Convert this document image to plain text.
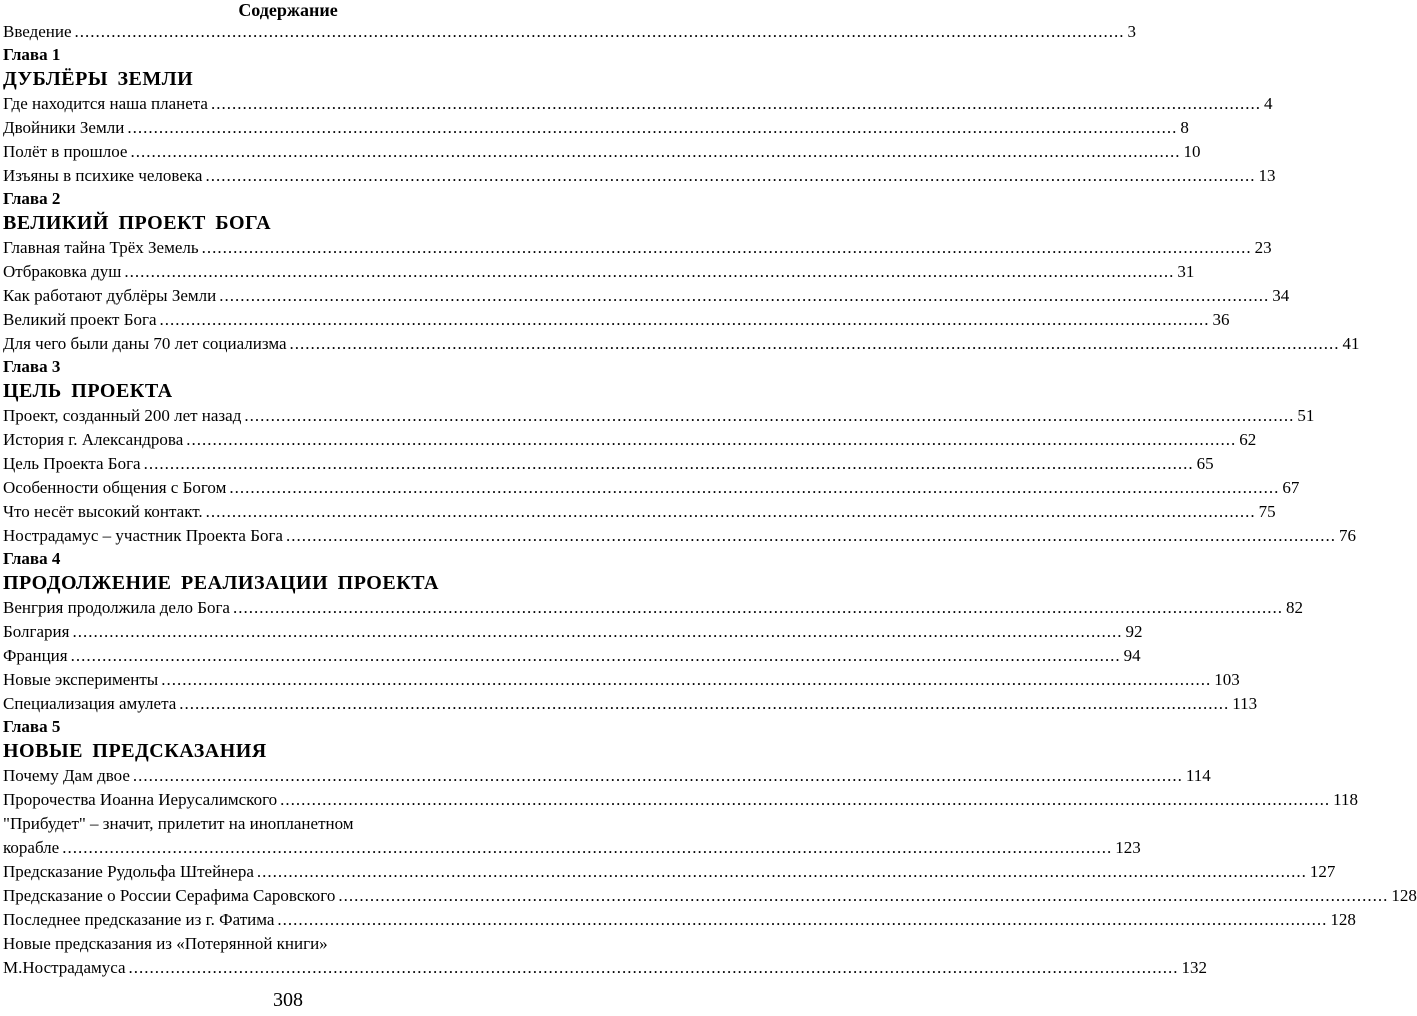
Содержание
Введение ........................................................................................................................................................................................................ 3
Глава 1
ДУБЛЁРЫ ЗЕМЛИ
Где находится наша планета ........................................................................................................................................................................................................ 4
Двойники Земли ........................................................................................................................................................................................................ 8
Полёт в прошлое ........................................................................................................................................................................................................ 10
Изъяны в психике человека ........................................................................................................................................................................................................ 13
Глава 2
ВЕЛИКИЙ ПРОЕКТ БОГА
Главная тайна Трёх Земель ........................................................................................................................................................................................................ 23
Отбраковка душ ........................................................................................................................................................................................................ 31
Как работают дублёры Земли ........................................................................................................................................................................................................ 34
Великий проект Бога ........................................................................................................................................................................................................ 36
Для чего были даны 70 лет социализма ........................................................................................................................................................................................................ 41
Глава 3
ЦЕЛЬ ПРОЕКТА
Проект, созданный 200 лет назад ........................................................................................................................................................................................................ 51
История г. Александрова ........................................................................................................................................................................................................ 62
Цель Проекта Бога ........................................................................................................................................................................................................ 65
Особенности общения с Богом ........................................................................................................................................................................................................ 67
Что несёт высокий контакт. ........................................................................................................................................................................................................ 75
Нострадамус – участник Проекта Бога ........................................................................................................................................................................................................ 76
Глава 4
ПРОДОЛЖЕНИЕ РЕАЛИЗАЦИИ ПРОЕКТА
Венгрия продолжила дело Бога ........................................................................................................................................................................................................ 82
Болгария ........................................................................................................................................................................................................ 92
Франция ........................................................................................................................................................................................................ 94
Новые эксперименты ........................................................................................................................................................................................................ 103
Специализация амулета ........................................................................................................................................................................................................ 113
Глава 5
НОВЫЕ ПРЕДСКАЗАНИЯ
Почему Дам двое ........................................................................................................................................................................................................ 114
Пророчества Иоанна Иерусалимского ........................................................................................................................................................................................................ 118
"Прибудет" – значит, прилетит на инопланетном
корабле ........................................................................................................................................................................................................ 123
Предсказание Рудольфа Штейнера ........................................................................................................................................................................................................ 127
Предсказание о России Серафима Саровского ........................................................................................................................................................................................................ 128
Последнее предсказание из г. Фатима ........................................................................................................................................................................................................ 128
Новые предсказания из «Потерянной книги»
М.Нострадамуса ........................................................................................................................................................................................................ 132
308
